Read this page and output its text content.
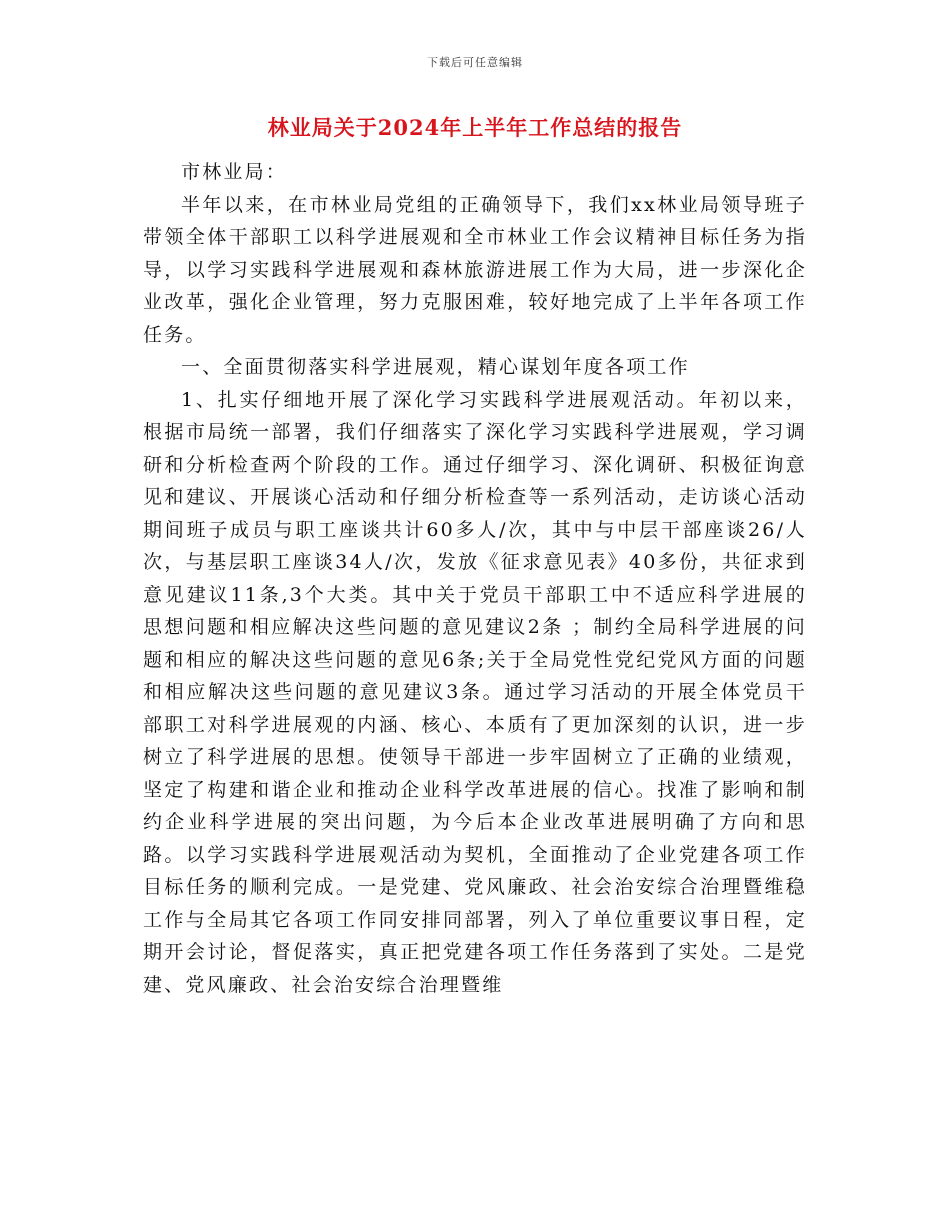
下载后可任意编辑
林业局关于2024年上半年工作总结的报告

市林业局：

半年以来，在市林业局党组的正确领导下，我们xx林业局领导班子带领全体干部职工以科学进展观和全市林业工作会议精神目标任务为指导，以学习实践科学进展观和森林旅游进展工作为大局，进一步深化企业改革，强化企业管理，努力克服困难，较好地完成了上半年各项工作任务。

一、全面贯彻落实科学进展观，精心谋划年度各项工作

1、扎实仔细地开展了深化学习实践科学进展观活动。年初以来，根据市局统一部署，我们仔细落实了深化学习实践科学进展观，学习调研和分析检查两个阶段的工作。通过仔细学习、深化调研、积极征询意见和建议、开展谈心活动和仔细分析检查等一系列活动，走访谈心活动期间班子成员与职工座谈共计60多人/次，其中与中层干部座谈26/人次，与基层职工座谈34人/次，发放《征求意见表》40多份，共征求到意见建议11条,3个大类。其中关于党员干部职工中不适应科学进展的思想问题和相应解决这些问题的意见建议2条 ；制约全局科学进展的问题和相应的解决这些问题的意见6条;关于全局党性党纪党风方面的问题和相应解决这些问题的意见建议3条。通过学习活动的开展全体党员干部职工对科学进展观的内涵、核心、本质有了更加深刻的认识，进一步树立了科学进展的思想。使领导干部进一步牢固树立了正确的业绩观，坚定了构建和谐企业和推动企业科学改革进展的信心。找准了影响和制约企业科学进展的突出问题，为今后本企业改革进展明确了方向和思路。以学习实践科学进展观活动为契机，全面推动了企业党建各项工作目标任务的顺利完成。一是党建、党风廉政、社会治安综合治理暨维稳工作与全局其它各项工作同安排同部署，列入了单位重要议事日程，定期开会讨论，督促落实，真正把党建各项工作任务落到了实处。二是党建、党风廉政、社会治安综合治理暨维
